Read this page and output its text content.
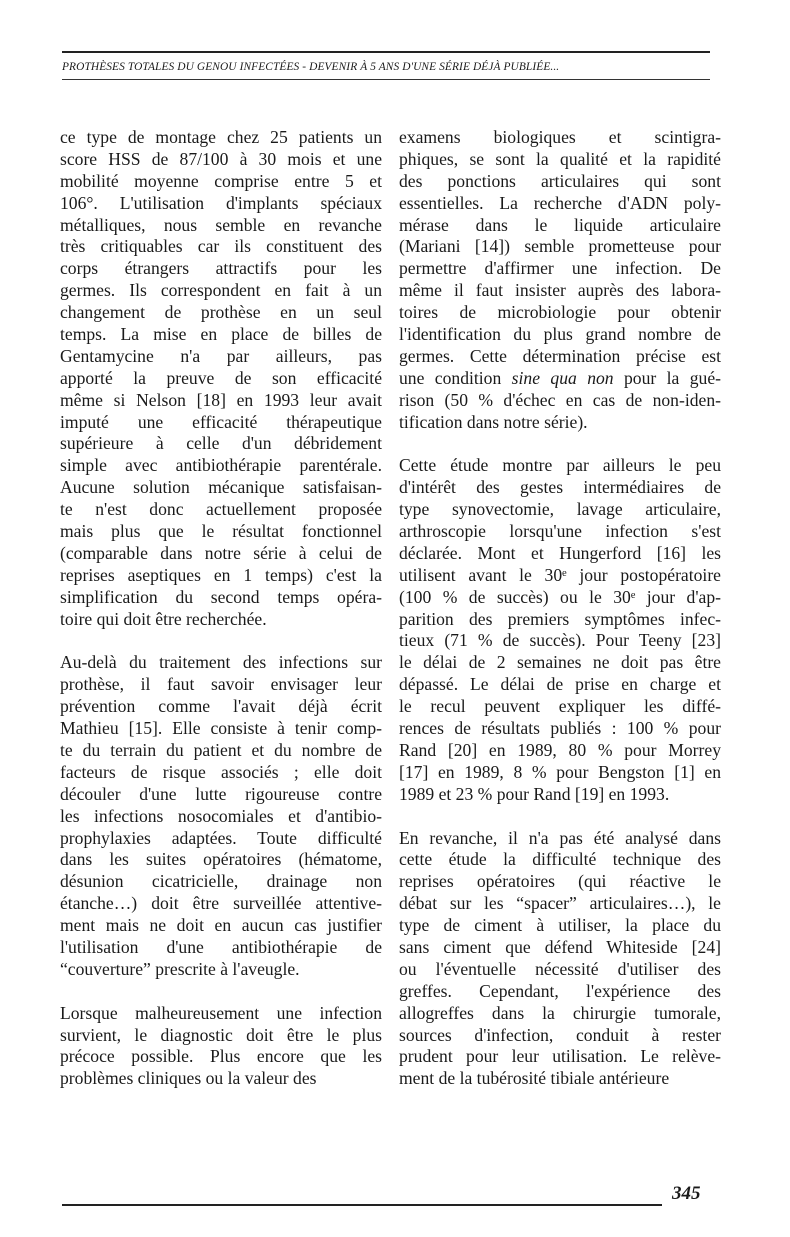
PROTHÈSES TOTALES DU GENOU INFECTÉES - DEVENIR À 5 ANS D'UNE SÉRIE DÉJÀ PUBLIÉE...
ce type de montage chez 25 patients un
score HSS de 87/100 à 30 mois et une
mobilité moyenne comprise entre 5 et
106°. L'utilisation d'implants spéciaux
métalliques, nous semble en revanche
très critiquables car ils constituent des
corps étrangers attractifs pour les
germes. Ils correspondent en fait à un
changement de prothèse en un seul
temps. La mise en place de billes de
Gentamycine n'a par ailleurs, pas
apporté la preuve de son efficacité
même si Nelson [18] en 1993 leur avait
imputé une efficacité thérapeutique
supérieure à celle d'un débridement
simple avec antibiothérapie parentérale.
Aucune solution mécanique satisfaisan-
te n'est donc actuellement proposée
mais plus que le résultat fonctionnel
(comparable dans notre série à celui de
reprises aseptiques en 1 temps) c'est la
simplification du second temps opéra-
toire qui doit être recherchée.
Au-delà du traitement des infections sur
prothèse, il faut savoir envisager leur
prévention comme l'avait déjà écrit
Mathieu [15]. Elle consiste à tenir comp-
te du terrain du patient et du nombre de
facteurs de risque associés ; elle doit
découler d'une lutte rigoureuse contre
les infections nosocomiales et d'antibio-
prophylaxies adaptées. Toute difficulté
dans les suites opératoires (hématome,
désunion cicatricielle, drainage non
étanche…) doit être surveillée attentive-
ment mais ne doit en aucun cas justifier
l'utilisation d'une antibiothérapie de
“couverture” prescrite à l'aveugle.
Lorsque malheureusement une infection
survient, le diagnostic doit être le plus
précoce possible. Plus encore que les
problèmes cliniques ou la valeur des
examens biologiques et scintigra-
phiques, se sont la qualité et la rapidité
des ponctions articulaires qui sont
essentielles. La recherche d'ADN poly-
mérase dans le liquide articulaire
(Mariani [14]) semble prometteuse pour
permettre d'affirmer une infection. De
même il faut insister auprès des labora-
toires de microbiologie pour obtenir
l'identification du plus grand nombre de
germes. Cette détermination précise est
une condition sine qua non pour la gué-
rison (50 % d'échec en cas de non-iden-
tification dans notre série).
Cette étude montre par ailleurs le peu
d'intérêt des gestes intermédiaires de
type synovectomie, lavage articulaire,
arthroscopie lorsqu'une infection s'est
déclarée. Mont et Hungerford [16] les
utilisent avant le 30ᵉ jour postopératoire
(100 % de succès) ou le 30ᵉ jour d'ap-
parition des premiers symptômes infec-
tieux (71 % de succès). Pour Teeny [23]
le délai de 2 semaines ne doit pas être
dépassé. Le délai de prise en charge et
le recul peuvent expliquer les diffé-
rences de résultats publiés : 100 % pour
Rand [20] en 1989, 80 % pour Morrey
[17] en 1989, 8 % pour Bengston [1] en
1989 et 23 % pour Rand [19] en 1993.
En revanche, il n'a pas été analysé dans
cette étude la difficulté technique des
reprises opératoires (qui réactive le
débat sur les “spacer” articulaires…), le
type de ciment à utiliser, la place du
sans ciment que défend Whiteside [24]
ou l'éventuelle nécessité d'utiliser des
greffes. Cependant, l'expérience des
allogreffes dans la chirurgie tumorale,
sources d'infection, conduit à rester
prudent pour leur utilisation. Le relève-
ment de la tubérosité tibiale antérieure
345
